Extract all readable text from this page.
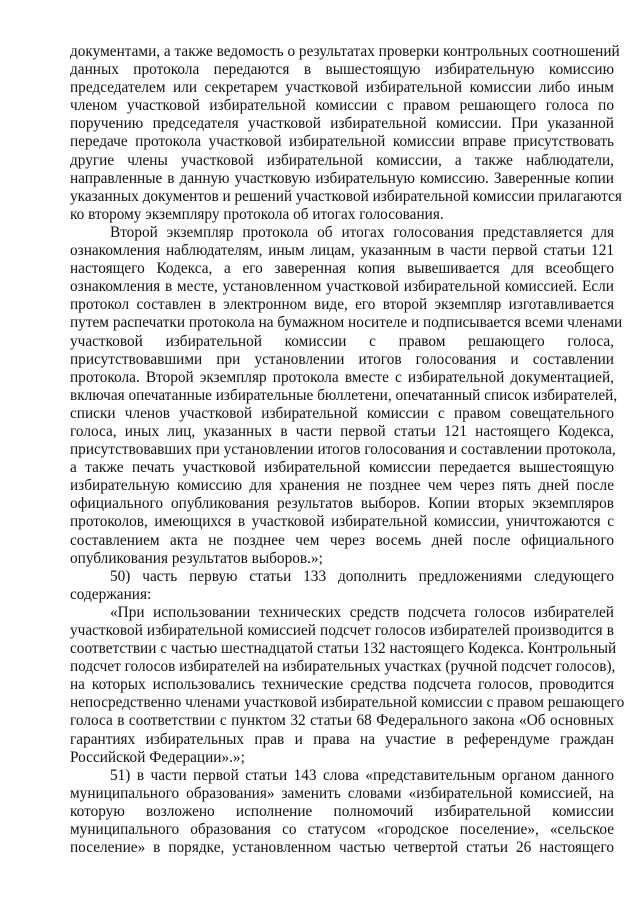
документами, а также ведомость о результатах проверки контрольных соотношений
данных протокола передаются в вышестоящую избирательную комиссию
председателем или секретарем участковой избирательной комиссии либо иным
членом участковой избирательной комиссии с правом решающего голоса по
поручению председателя участковой избирательной комиссии. При указанной
передаче протокола участковой избирательной комиссии вправе присутствовать
другие члены участковой избирательной комиссии, а также наблюдатели,
направленные в данную участковую избирательную комиссию. Заверенные копии
указанных документов и решений участковой избирательной комиссии прилагаются
ко второму экземпляру протокола об итогах голосования.
Второй экземпляр протокола об итогах голосования представляется для
ознакомления наблюдателям, иным лицам, указанным в части первой статьи 121
настоящего Кодекса, а его заверенная копия вывешивается для всеобщего
ознакомления в месте, установленном участковой избирательной комиссией. Если
протокол составлен в электронном виде, его второй экземпляр изготавливается
путем распечатки протокола на бумажном носителе и подписывается всеми членами
участковой избирательной комиссии с правом решающего голоса,
присутствовавшими при установлении итогов голосования и составлении
протокола. Второй экземпляр протокола вместе с избирательной документацией,
включая опечатанные избирательные бюллетени, опечатанный список избирателей,
списки членов участковой избирательной комиссии с правом совещательного
голоса, иных лиц, указанных в части первой статьи 121 настоящего Кодекса,
присутствовавших при установлении итогов голосования и составлении протокола,
а также печать участковой избирательной комиссии передается вышестоящую
избирательную комиссию для хранения не позднее чем через пять дней после
официального опубликования результатов выборов. Копии вторых экземпляров
протоколов, имеющихся в участковой избирательной комиссии, уничтожаются с
составлением акта не позднее чем через восемь дней после официального
опубликования результатов выборов.»;
50) часть первую статьи 133 дополнить предложениями следующего
содержания:
«При использовании технических средств подсчета голосов избирателей
участковой избирательной комиссией подсчет голосов избирателей производится в
соответствии с частью шестнадцатой статьи 132 настоящего Кодекса. Контрольный
подсчет голосов избирателей на избирательных участках (ручной подсчет голосов),
на которых использовались технические средства подсчета голосов, проводится
непосредственно членами участковой избирательной комиссии с правом решающего
голоса в соответствии с пунктом 32 статьи 68 Федерального закона «Об основных
гарантиях избирательных прав и права на участие в референдуме граждан
Российской Федерации».»;
51) в части первой статьи 143 слова «представительным органом данного
муниципального образования» заменить словами «избирательной комиссией, на
которую возложено исполнение полномочий избирательной комиссии
муниципального образования со статусом «городское поселение», «сельское
поселение» в порядке, установленном частью четвертой статьи 26 настоящего
